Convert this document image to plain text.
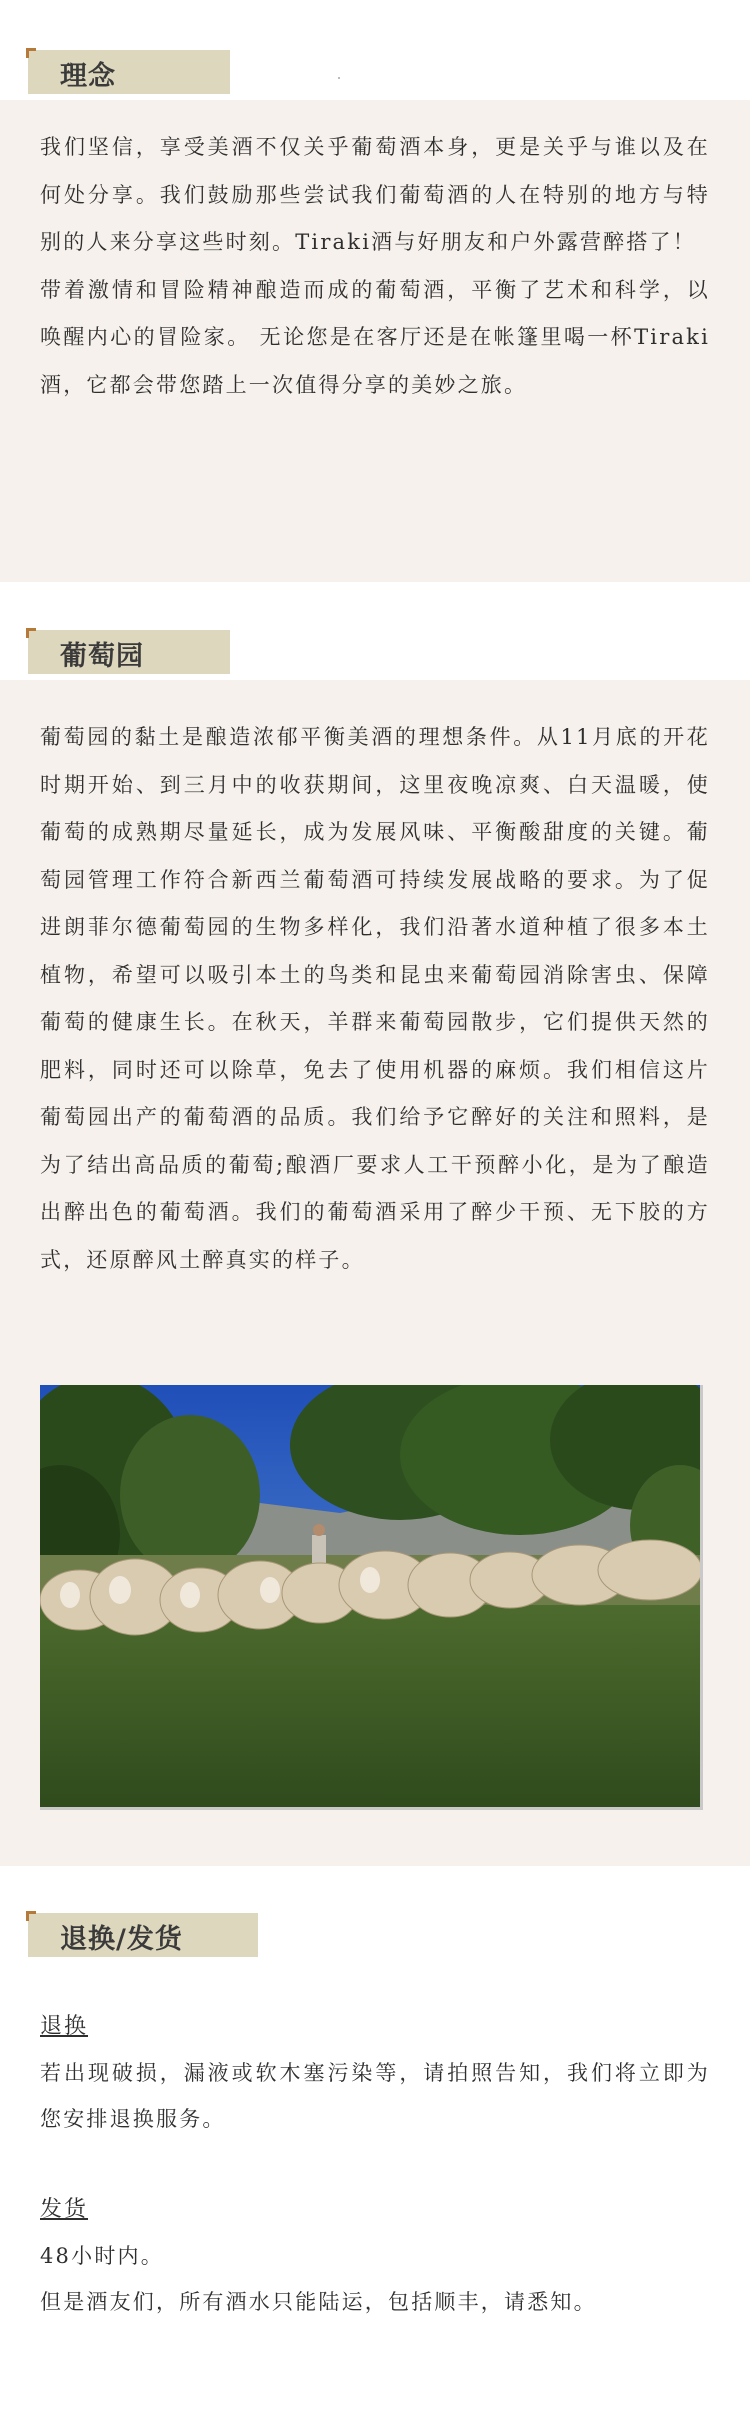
理念

我们坚信，享受美酒不仅关乎葡萄酒本身，更是关乎与谁以及在何处分享。我们鼓励那些尝试我们葡萄酒的人在特别的地方与特别的人来分享这些时刻。Tiraki酒与好朋友和户外露营醉搭了！

带着激情和冒险精神酿造而成的葡萄酒，平衡了艺术和科学，以唤醒内心的冒险家。 无论您是在客厅还是在帐篷里喝一杯Tiraki酒，它都会带您踏上一次值得分享的美妙之旅。

葡萄园

葡萄园的黏土是酿造浓郁平衡美酒的理想条件。从11月底的开花时期开始、到三月中的收获期间，这里夜晚凉爽、白天温暖，使葡萄的成熟期尽量延长，成为发展风味、平衡酸甜度的关键。葡萄园管理工作符合新西兰葡萄酒可持续发展战略的要求。为了促进朗菲尔德葡萄园的生物多样化，我们沿著水道种植了很多本土植物，希望可以吸引本土的鸟类和昆虫来葡萄园消除害虫、保障葡萄的健康生长。在秋天，羊群来葡萄园散步，它们提供天然的肥料，同时还可以除草，免去了使用机器的麻烦。我们相信这片葡萄园出产的葡萄酒的品质。我们给予它醉好的关注和照料，是为了结出高品质的葡萄;酿酒厂要求人工干预醉小化，是为了酿造出醉出色的葡萄酒。我们的葡萄酒采用了醉少干预、无下胶的方式，还原醉风土醉真实的样子。

退换/发货
退换

若出现破损，漏液或软木塞污染等，请拍照告知，我们将立即为您安排退换服务。

发货
48小时内。
但是酒友们，所有酒水只能陆运，包括顺丰，请悉知。
